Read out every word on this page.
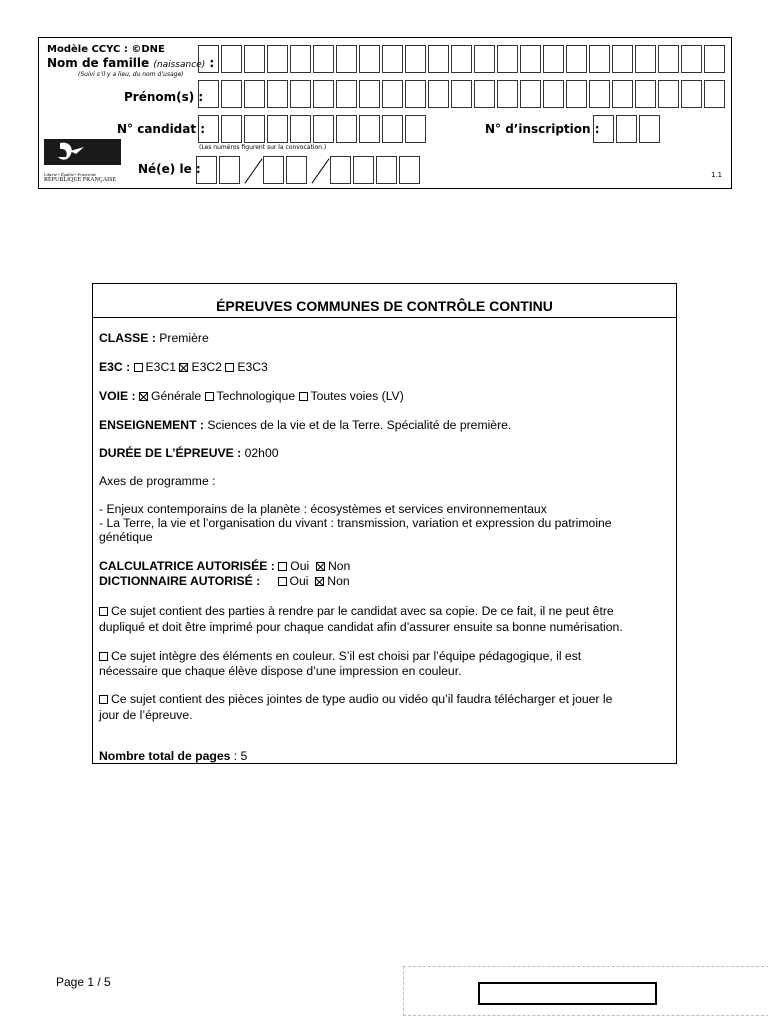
Modèle CCYC : ©DNE
Nom de famille (naissance) :
(Suivi s’il y a lieu, du nom d’usage)
Prénom(s) :
N° candidat :	N° d’inscription :
(Les numéros figurent sur la convocation.)
Liberté • Égalité • Fraternité
RÉPUBLIQUE FRANÇAISE
Né(e) le :	1.1
ÉPREUVES COMMUNES DE CONTRÔLE CONTINU
CLASSE : Première
E3C : E3C1 E3C2 E3C3
VOIE : Générale Technologique Toutes voies (LV)
ENSEIGNEMENT : Sciences de la vie et de la Terre. Spécialité de première.
DURÉE DE L’ÉPREUVE : 02h00
Axes de programme :
- Enjeux contemporains de la planète : écosystèmes et services environnementaux
- La Terre, la vie et l’organisation du vivant : transmission, variation et expression du patrimoine
génétique
CALCULATRICE AUTORISÉE : Oui Non
DICTIONNAIRE AUTORISÉ : Oui Non
Ce sujet contient des parties à rendre par le candidat avec sa copie. De ce fait, il ne peut être
dupliqué et doit être imprimé pour chaque candidat afin d’assurer ensuite sa bonne numérisation.
Ce sujet intègre des éléments en couleur. S’il est choisi par l’équipe pédagogique, il est
nécessaire que chaque élève dispose d’une impression en couleur.
Ce sujet contient des pièces jointes de type audio ou vidéo qu’il faudra télécharger et jouer le
jour de l’épreuve.
Nombre total de pages : 5
Page 1 / 5
